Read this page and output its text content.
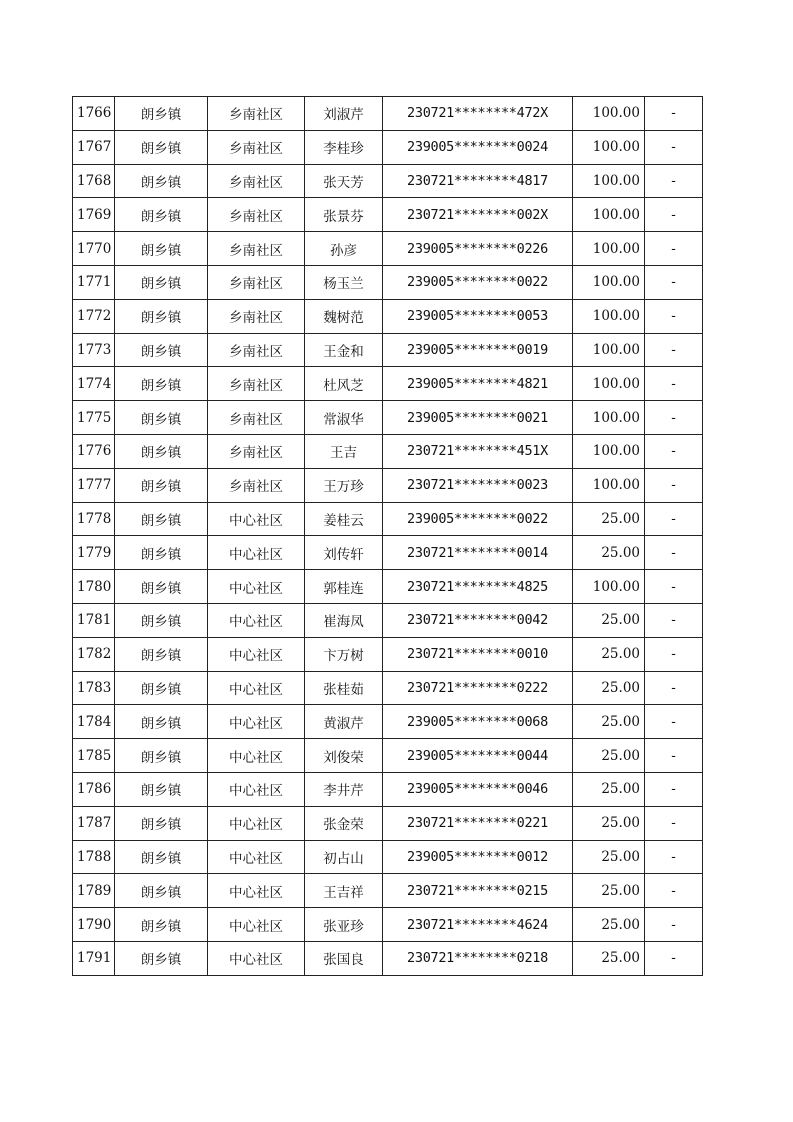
1766	朗乡镇	乡南社区	刘淑芹	230721********472X	100.00	-
1767	朗乡镇	乡南社区	李桂珍	239005********0024	100.00	-
1768	朗乡镇	乡南社区	张天芳	230721********4817	100.00	-
1769	朗乡镇	乡南社区	张景芬	230721********002X	100.00	-
1770	朗乡镇	乡南社区	孙彦	239005********0226	100.00	-
1771	朗乡镇	乡南社区	杨玉兰	239005********0022	100.00	-
1772	朗乡镇	乡南社区	魏树范	239005********0053	100.00	-
1773	朗乡镇	乡南社区	王金和	239005********0019	100.00	-
1774	朗乡镇	乡南社区	杜风芝	239005********4821	100.00	-
1775	朗乡镇	乡南社区	常淑华	239005********0021	100.00	-
1776	朗乡镇	乡南社区	王吉	230721********451X	100.00	-
1777	朗乡镇	乡南社区	王万珍	230721********0023	100.00	-
1778	朗乡镇	中心社区	姜桂云	239005********0022	25.00	-
1779	朗乡镇	中心社区	刘传轩	230721********0014	25.00	-
1780	朗乡镇	中心社区	郭桂连	230721********4825	100.00	-
1781	朗乡镇	中心社区	崔海凤	230721********0042	25.00	-
1782	朗乡镇	中心社区	卞万树	230721********0010	25.00	-
1783	朗乡镇	中心社区	张桂茹	230721********0222	25.00	-
1784	朗乡镇	中心社区	黄淑芹	239005********0068	25.00	-
1785	朗乡镇	中心社区	刘俊荣	239005********0044	25.00	-
1786	朗乡镇	中心社区	李井芹	239005********0046	25.00	-
1787	朗乡镇	中心社区	张金荣	230721********0221	25.00	-
1788	朗乡镇	中心社区	初占山	239005********0012	25.00	-
1789	朗乡镇	中心社区	王吉祥	230721********0215	25.00	-
1790	朗乡镇	中心社区	张亚珍	230721********4624	25.00	-
1791	朗乡镇	中心社区	张国良	230721********0218	25.00	-
